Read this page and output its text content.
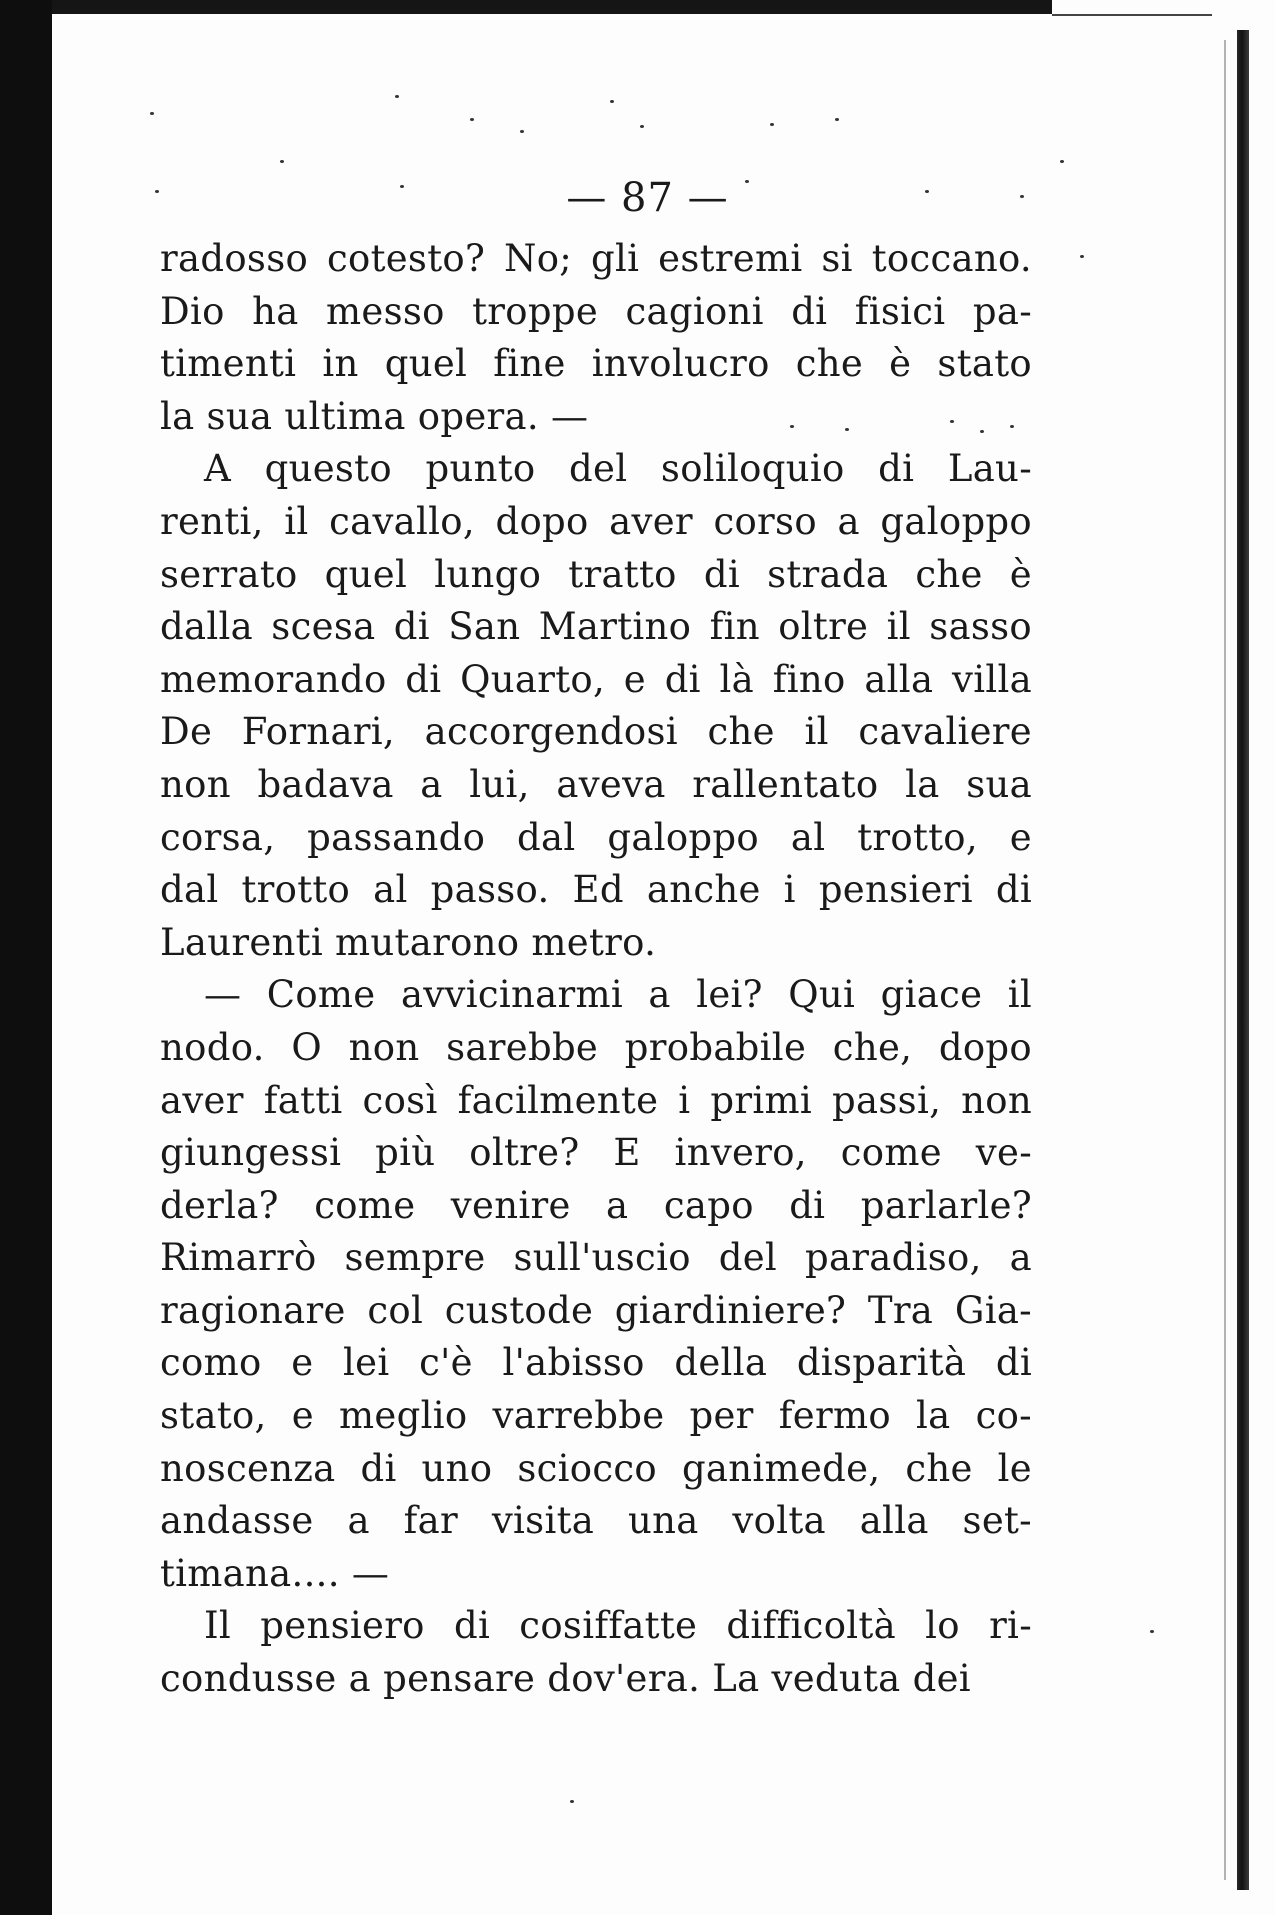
— 87 —
radosso cotesto? No; gli estremi si toccano.
Dio ha messo troppe cagioni di fisici pa-
timenti in quel fine involucro che è stato
la sua ultima opera. —
A questo punto del soliloquio di Lau-
renti, il cavallo, dopo aver corso a galoppo
serrato quel lungo tratto di strada che è
dalla scesa di San Martino fin oltre il sasso
memorando di Quarto, e di là fino alla villa
De Fornari, accorgendosi che il cavaliere
non badava a lui, aveva rallentato la sua
corsa, passando dal galoppo al trotto, e
dal trotto al passo. Ed anche i pensieri di
Laurenti mutarono metro.
— Come avvicinarmi a lei? Qui giace il
nodo. O non sarebbe probabile che, dopo
aver fatti così facilmente i primi passi, non
giungessi più oltre? E invero, come ve-
derla? come venire a capo di parlarle?
Rimarrò sempre sull'uscio del paradiso, a
ragionare col custode giardiniere? Tra Gia-
como e lei c'è l'abisso della disparità di
stato, e meglio varrebbe per fermo la co-
noscenza di uno sciocco ganimede, che le
andasse a far visita una volta alla set-
timana.... —
Il pensiero di cosiffatte difficoltà lo ri-
condusse a pensare dov'era. La veduta dei
